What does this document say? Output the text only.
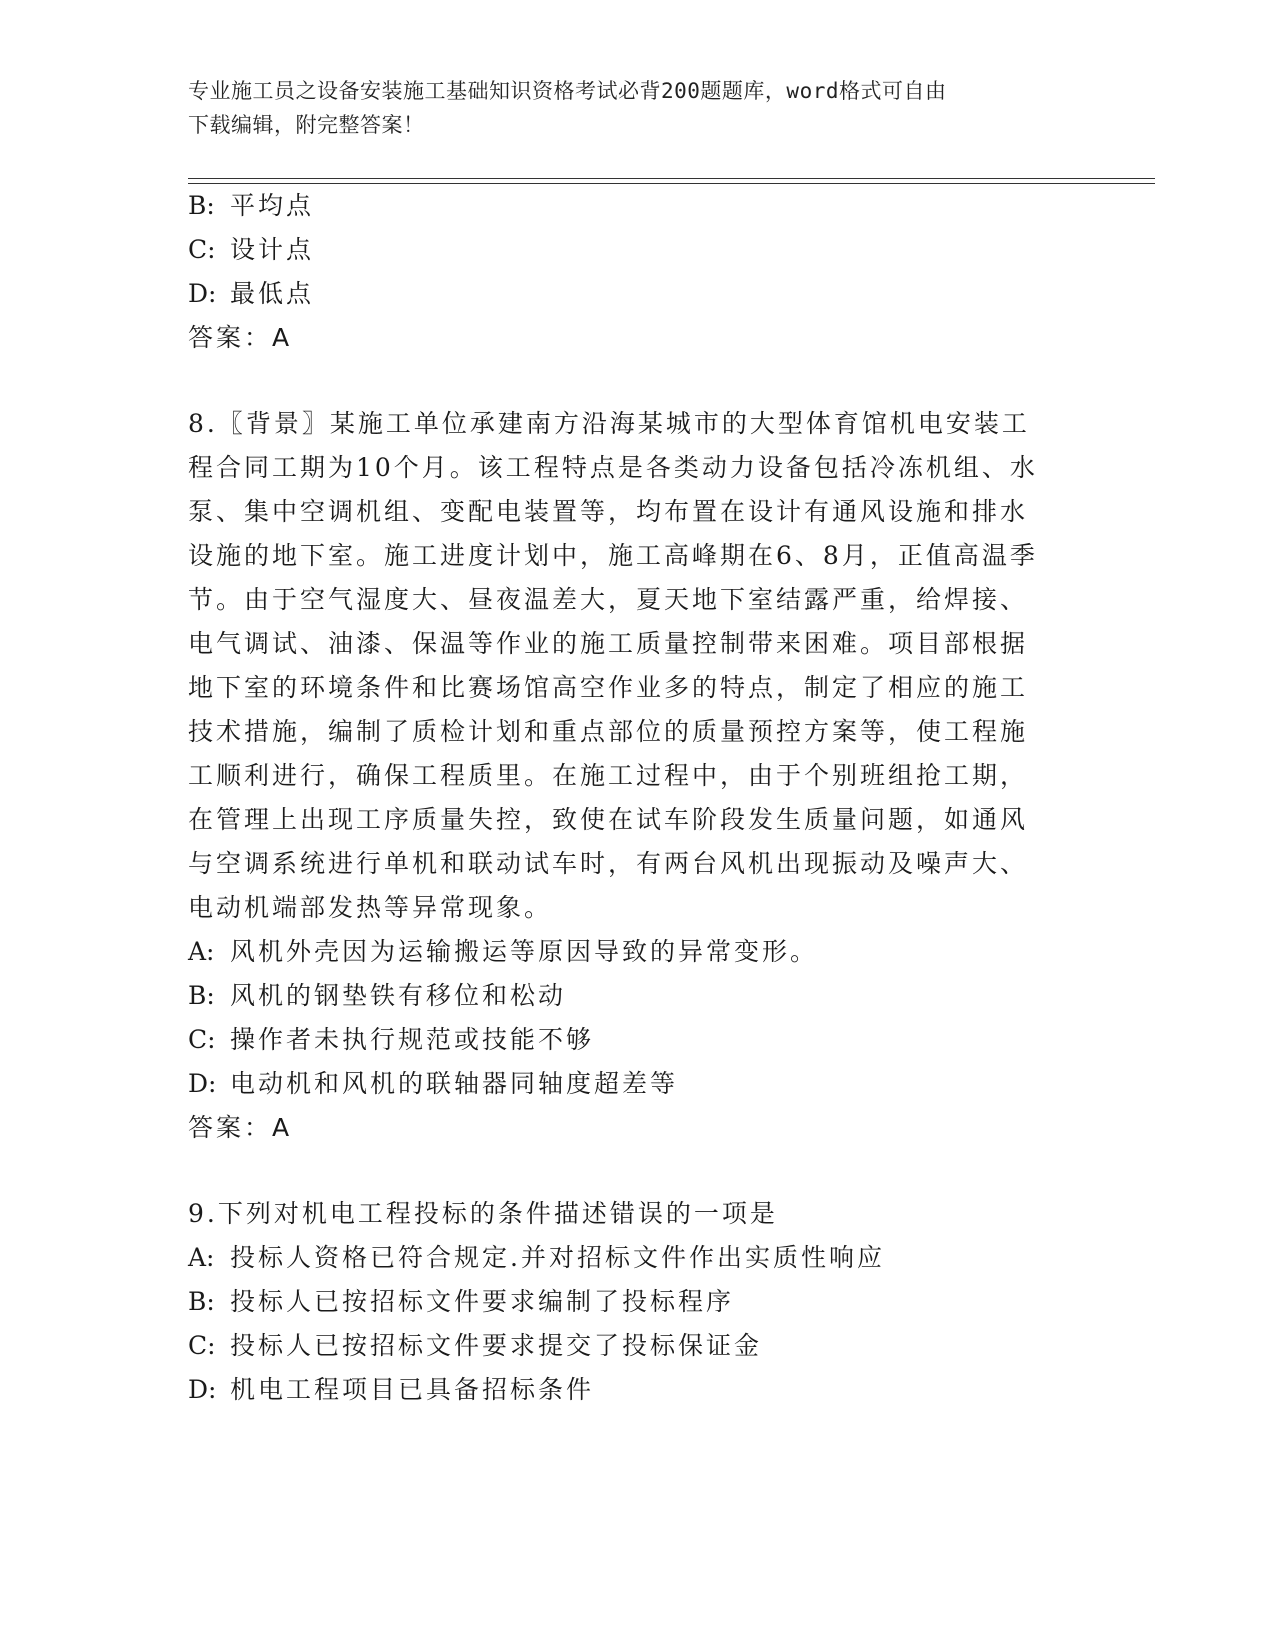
专业施工员之设备安装施工基础知识资格考试必背200题题库，word格式可自由
下载编辑，附完整答案！
B: 平均点
C: 设计点
D: 最低点
答案：A
8.〖背景〗某施工单位承建南方沿海某城市的大型体育馆机电安装工
程合同工期为10个月。该工程特点是各类动力设备包括冷冻机组、水
泵、集中空调机组、变配电装置等，均布置在设计有通风设施和排水
设施的地下室。施工进度计划中，施工高峰期在6、8月，正值高温季
节。由于空气湿度大、昼夜温差大，夏天地下室结露严重，给焊接、
电气调试、油漆、保温等作业的施工质量控制带来困难。项目部根据
地下室的环境条件和比赛场馆高空作业多的特点，制定了相应的施工
技术措施，编制了质检计划和重点部位的质量预控方案等，使工程施
工顺利进行，确保工程质里。在施工过程中，由于个别班组抢工期，
在管理上出现工序质量失控，致使在试车阶段发生质量问题，如通风
与空调系统进行单机和联动试车时，有两台风机出现振动及噪声大、
电动机端部发热等异常现象。
A: 风机外壳因为运输搬运等原因导致的异常变形。
B: 风机的钢垫铁有移位和松动
C: 操作者未执行规范或技能不够
D: 电动机和风机的联轴器同轴度超差等
答案：A
9.下列对机电工程投标的条件描述错误的一项是
A: 投标人资格已符合规定.并对招标文件作出实质性响应
B: 投标人已按招标文件要求编制了投标程序
C: 投标人已按招标文件要求提交了投标保证金
D: 机电工程项目已具备招标条件
